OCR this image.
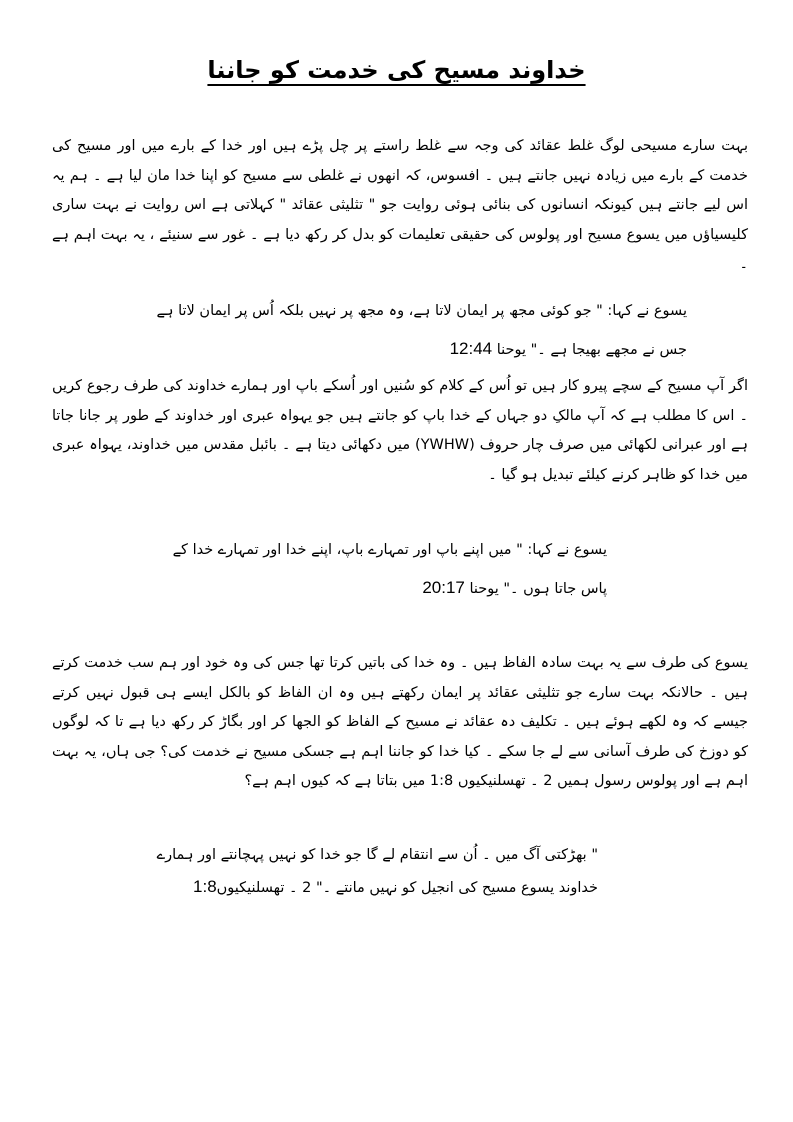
خداوند مسیح کی خدمت کو جاننا
بہت سارے مسیحی لوگ غلط عقائد کی وجہ سے غلط راستے پر چل پڑے ہیں اور خدا کے بارے میں اور مسیح کی خدمت کے بارے میں زیادہ نہیں جانتے ہیں ۔ افسوس، کہ انھوں نے غلطی سے مسیح کو اپنا خدا مان لیا ہے ۔ ہم یہ اس لیے جانتے ہیں کیونکہ انسانوں کی بنائی ہوئی روایت جو " تثلیثی عقائد " کہلاتی ہے اس روایت نے بہت ساری کلیسیاؤں میں یسوع مسیح اور پولوس کی حقیقی تعلیمات کو بدل کر رکھ دیا ہے ۔ غور سے سنیئے ، یہ بہت اہم ہے ۔
یسوع نے کہا: " جو کوئی مجھ پر ایمان لاتا ہے، وہ مجھ پر نہیں بلکہ اُس پر ایمان لاتا ہے
جس نے مجھے بھیجا ہے ۔" یوحنا 12:44
اگر آپ مسیح کے سچے پیرو کار ہیں تو اُس کے کلام کو سُنیں اور اُسکے باپ اور ہمارے خداوند کی طرف رجوع کریں ۔ اس کا مطلب ہے کہ آپ مالکِ دو جہاں کے خدا باپ کو جانتے ہیں جو یہواہ عبری اور خداوند کے طور پر جانا جاتا ہے اور عبرانی لکھائی میں صرف چار حروف (YWHW) میں دکھائی دیتا ہے ۔ بائبل مقدس میں خداوند، یہواہ عبری میں خدا کو ظاہر کرنے کیلئے تبدیل ہو گیا ۔
یسوع نے کہا: " میں اپنے باپ اور تمہارے باپ، اپنے خدا اور تمہارے خدا کے
پاس جاتا ہوں ۔" یوحنا 20:17
یسوع کی طرف سے یہ بہت سادہ الفاظ ہیں ۔ وہ خدا کی باتیں کرتا تھا جس کی وہ خود اور ہم سب خدمت کرتے ہیں ۔ حالانکہ بہت سارے جو تثلیثی عقائد پر ایمان رکھتے ہیں وہ ان الفاظ کو بالکل ایسے ہی قبول نہیں کرتے جیسے کہ وہ لکھے ہوئے ہیں ۔ تکلیف دہ عقائد نے مسیح کے الفاظ کو الجھا کر اور بگاڑ کر رکھ دیا ہے تا کہ لوگوں کو دوزخ کی طرف آسانی سے لے جا سکے ۔ کیا خدا کو جاننا اہم ہے جسکی مسیح نے خدمت کی؟ جی ہاں، یہ بہت اہم ہے اور پولوس رسول ہمیں 2 ۔ تھسلنیکیوں 1:8 میں بتاتا ہے کہ کیوں اہم ہے؟
" بھڑکتی آگ میں ۔ اُن سے انتقام لے گا جو خدا کو نہیں پہچانتے اور ہمارے
خداوند یسوع مسیح کی انجیل کو نہیں مانتے ۔" 2 ۔ تھسلنیکیوں1:8
